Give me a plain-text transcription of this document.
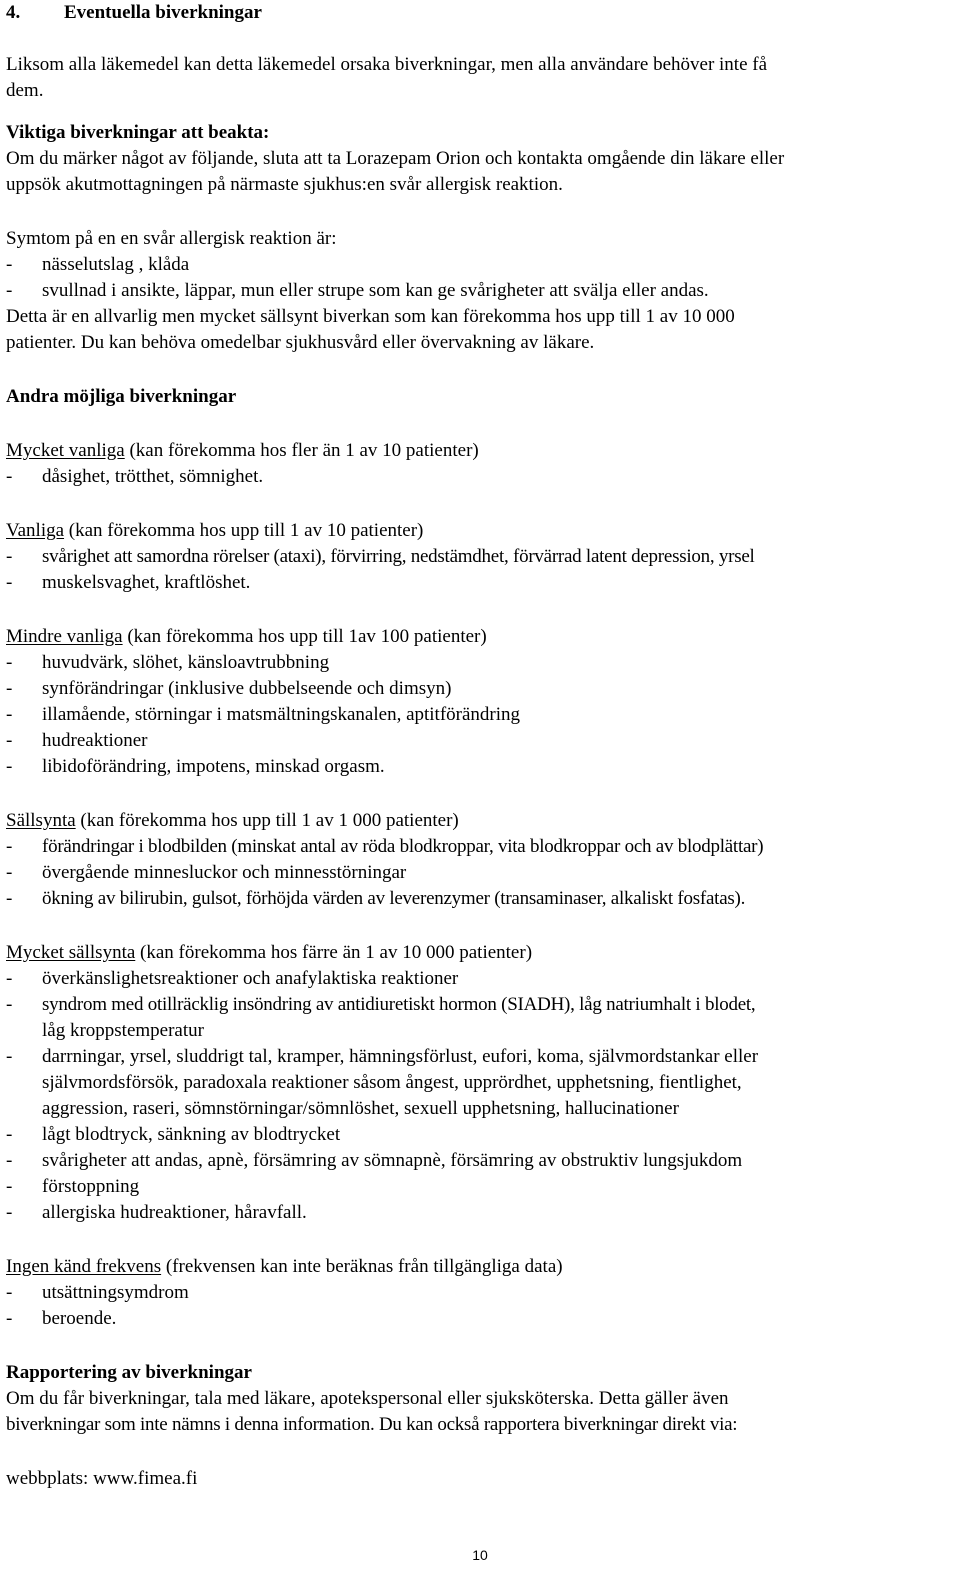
4. Eventuella biverkningar
Liksom alla läkemedel kan detta läkemedel orsaka biverkningar, men alla användare behöver inte få
dem.
Viktiga biverkningar att beakta:
Om du märker något av följande, sluta att ta Lorazepam Orion och kontakta omgående din läkare eller
uppsök akutmottagningen på närmaste sjukhus:en svår allergisk reaktion.
Symtom på en en svår allergisk reaktion är:
- nässelutslag , klåda
- svullnad i ansikte, läppar, mun eller strupe som kan ge svårigheter att svälja eller andas.
Detta är en allvarlig men mycket sällsynt biverkan som kan förekomma hos upp till 1 av 10 000
patienter. Du kan behöva omedelbar sjukhusvård eller övervakning av läkare.
Andra möjliga biverkningar
Mycket vanliga (kan förekomma hos fler än 1 av 10 patienter)
- dåsighet, trötthet, sömnighet.
Vanliga (kan förekomma hos upp till 1 av 10 patienter)
- svårighet att samordna rörelser (ataxi), förvirring, nedstämdhet, förvärrad latent depression, yrsel
- muskelsvaghet, kraftlöshet.
Mindre vanliga (kan förekomma hos upp till 1av 100 patienter)
- huvudvärk, slöhet, känsloavtrubbning
- synförändringar (inklusive dubbelseende och dimsyn)
- illamående, störningar i matsmältningskanalen, aptitförändring
- hudreaktioner
- libidoförändring, impotens, minskad orgasm.
Sällsynta (kan förekomma hos upp till 1 av 1 000 patienter)
- förändringar i blodbilden (minskat antal av röda blodkroppar, vita blodkroppar och av blodplättar)
- övergående minnesluckor och minnesstörningar
- ökning av bilirubin, gulsot, förhöjda värden av leverenzymer (transaminaser, alkaliskt fosfatas).
Mycket sällsynta (kan förekomma hos färre än 1 av 10 000 patienter)
- överkänslighetsreaktioner och anafylaktiska reaktioner
- syndrom med otillräcklig insöndring av antidiuretiskt hormon (SIADH), låg natriumhalt i blodet,
låg kroppstemperatur
- darrningar, yrsel, sluddrigt tal, kramper, hämningsförlust, eufori, koma, självmordstankar eller
självmordsförsök, paradoxala reaktioner såsom ångest, upprördhet, upphetsning, fientlighet,
aggression, raseri, sömnstörningar/sömnlöshet, sexuell upphetsning, hallucinationer
- lågt blodtryck, sänkning av blodtrycket
- svårigheter att andas, apnè, försämring av sömnapnè, försämring av obstruktiv lungsjukdom
- förstoppning
- allergiska hudreaktioner, håravfall.
Ingen känd frekvens (frekvensen kan inte beräknas från tillgängliga data)
- utsättningsymdrom
- beroende.
Rapportering av biverkningar
Om du får biverkningar, tala med läkare, apotekspersonal eller sjuksköterska. Detta gäller även
biverkningar som inte nämns i denna information. Du kan också rapportera biverkningar direkt via:
webbplats: www.fimea.fi
10
